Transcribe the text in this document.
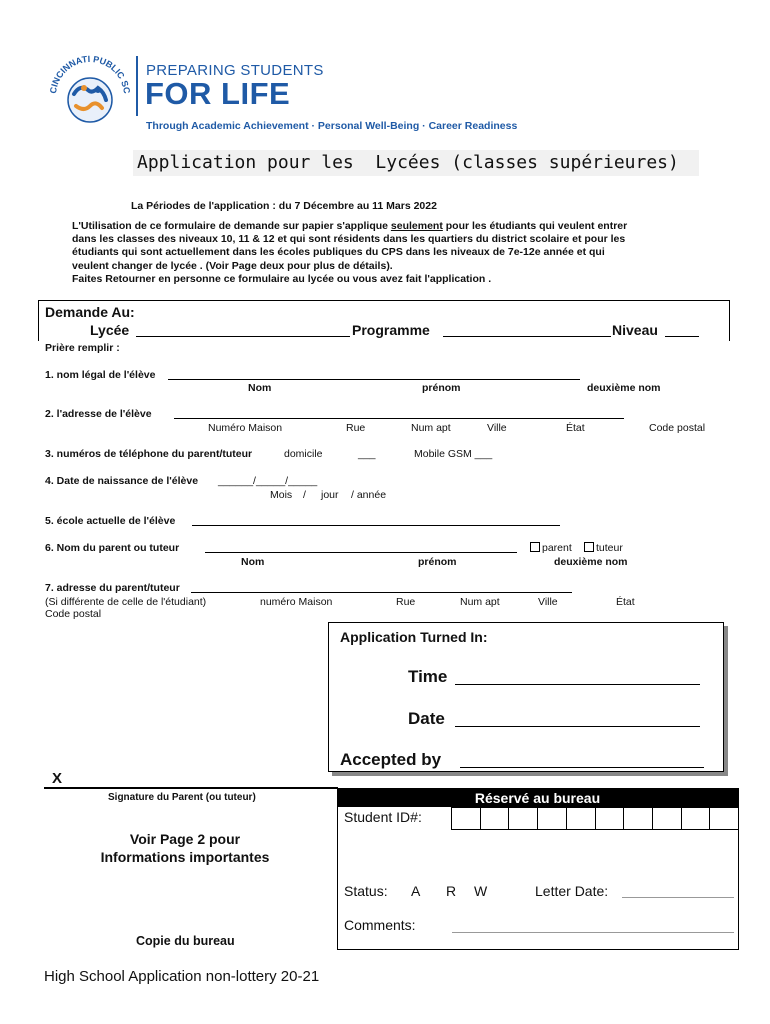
CINCINNATI PUBLIC SC
PREPARING STUDENTS
FOR LIFE
Through Academic Achievement · Personal Well-Being · Career Readiness
Application pour les  Lycées (classes supérieures)
La Périodes de l'application : du 7 Décembre au 11 Mars 2022
L'Utilisation de ce formulaire de demande sur papier s'applique seulement pour les étudiants qui veulent entrer
dans les classes des niveaux 10, 11 & 12 et qui sont résidents dans les quartiers du district scolaire et pour les
étudiants qui sont actuellement dans les écoles publiques du CPS dans les niveaux de 7e-12e année et qui
veulent changer de lycée . (Voir Page deux pour plus de détails).
Faites Retourner en personne ce formulaire au lycée ou vous avez fait l'application .
Demande Au:
Lycée	Programme	Niveau
Prière remplir :
1. nom légal de l'élève
Nom	prénom	deuxième nom
2. l'adresse de l'élève
Numéro Maison	Rue	Num apt	Ville	État	Code postal
3. numéros de téléphone du parent/tuteur	domicile	___	Mobile GSM ___
4. Date de naissance de l'élève ______/_____/_____
Mois / jour / année
5. école actuelle de l'élève
6. Nom du parent ou tuteur	parent	tuteur
Nom	prénom	deuxième nom
7. adresse du parent/tuteur
(Si différente de celle de l'étudiant)
Code postal
numéro Maison	Rue	Num apt	Ville	État
Application Turned In:
Time
Date
Accepted by
X
Signature du Parent (ou tuteur)
Voir Page 2 pour
Informations importantes
Copie du bureau
High School Application non-lottery 20-21
Réservé au bureau
Student ID#:
Status: A R W	Letter Date:
Comments:
